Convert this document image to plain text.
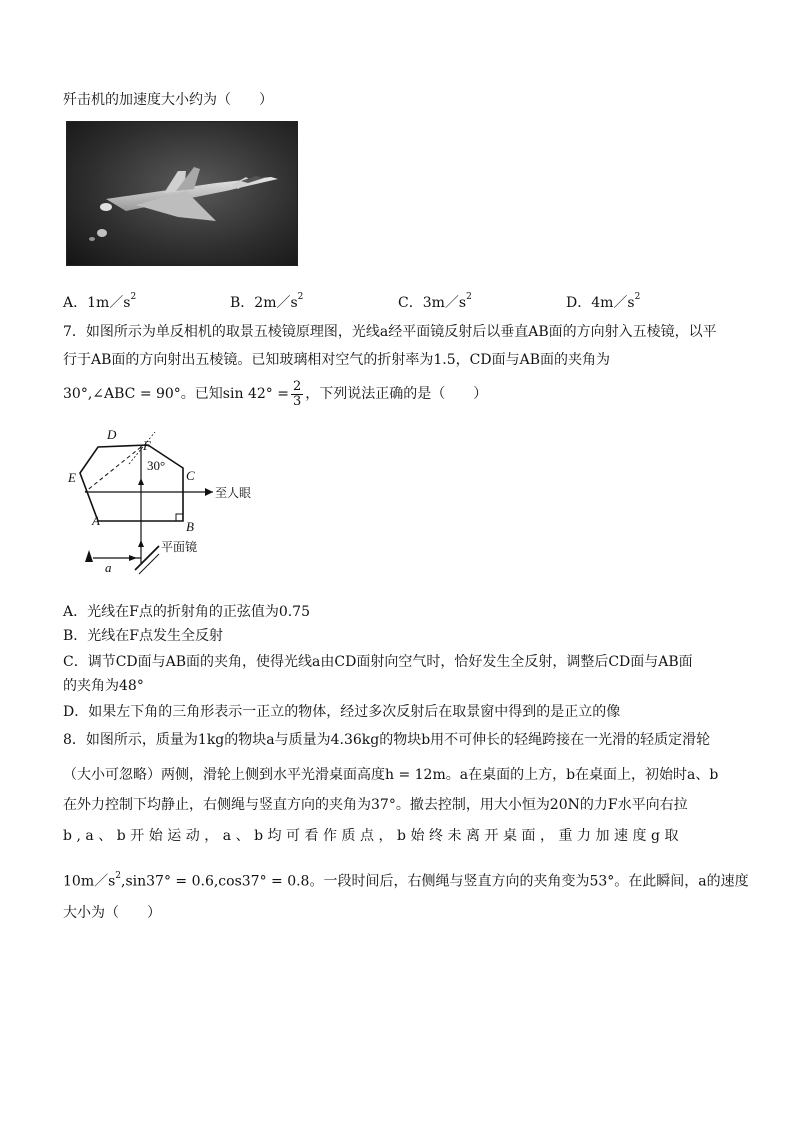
歼击机的加速度大小约为（　　）
A．$1m/s^2$	B．$2m/s^2$	C．$3m/s^2$	D．$4m/s^2$
7．如图所示为单反相机的取景五棱镜原理图，光线a经平面镜反射后以垂直AB面的方向射入五棱镜，以平
行于AB面的方向射出五棱镜。已知玻璃相对空气的折射率为1.5，CD面与AB面的夹角为
30°,∠ABC = 90°。已知$\sin 42^\circ = \frac{2}{3}$ ，下列说法正确的是（　　）
D
F
E	C
A	B
a
30°
至人眼
平面镜
A．光线在F点的折射角的正弦值为0.75
B．光线在F点发生全反射
C．调节CD面与AB面的夹角，使得光线a由CD面射向空气时，恰好发生全反射，调整后CD面与AB面
的夹角为48°
D．如果左下角的三角形表示一正立的物体，经过多次反射后在取景窗中得到的是正立的像
8．如图所示，质量为1kg的物块a与质量为4.36kg的物块b用不可伸长的轻绳跨接在一光滑的轻质定滑轮
（大小可忽略）两侧，滑轮上侧到水平光滑桌面高度h = 12m。a在桌面的上方，b在桌面上，初始时a、b
在外力控制下均静止，右侧绳与竖直方向的夹角为37°。撤去控制，用大小恒为20N的力F水平向右拉
b,a、b开始运动，a、b均可看作质点，b始终未离开桌面，重力加速度g取
$10m/s^2,\sin 37^\circ = 0.6,\cos 37^\circ = 0.8$。一段时间后，右侧绳与竖直方向的夹角变为53°。在此瞬间，a的速度
大小为（　　）
